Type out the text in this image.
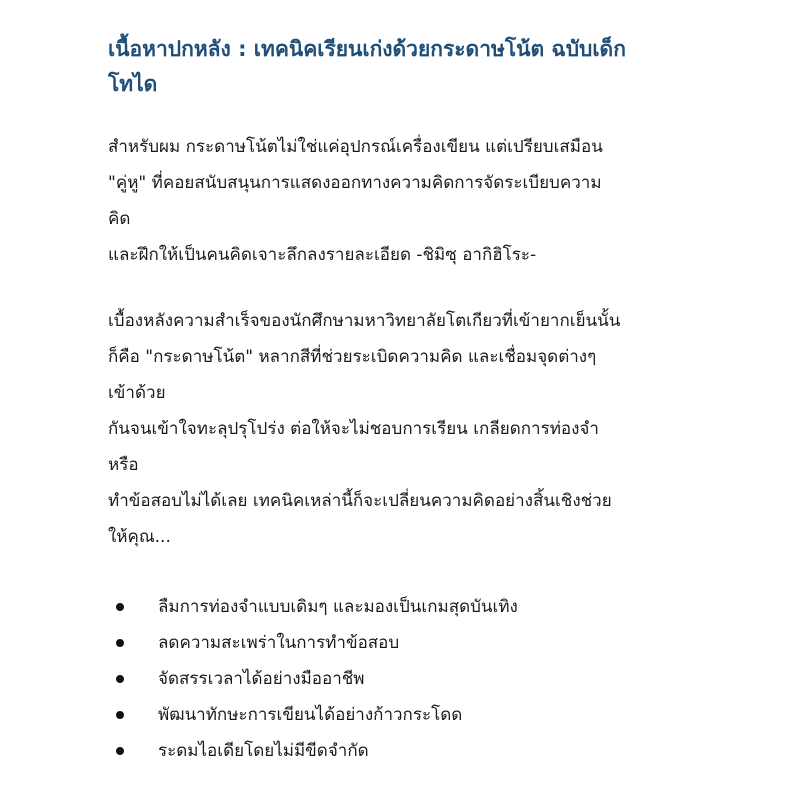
เนื้อหาปกหลัง : เทคนิคเรียนเก่งด้วยกระดาษโน้ต ฉบับเด็ก
โทได

สำหรับผม กระดาษโน้ตไม่ใช่แค่อุปกรณ์เครื่องเขียน แต่เปรียบเสมือน
"คู่หู" ที่คอยสนับสนุนการแสดงออกทางความคิดการจัดระเบียบความ
คิด
และฝึกให้เป็นคนคิดเจาะลึกลงรายละเอียด -ชิมิซุ อากิฮิโระ-

เบื้องหลังความสำเร็จของนักศึกษามหาวิทยาลัยโตเกียวที่เข้ายากเย็นนั้น
ก็คือ "กระดาษโน้ต" หลากสีที่ช่วยระเบิดความคิด และเชื่อมจุดต่างๆ
เข้าด้วย
กันจนเข้าใจทะลุปรุโปร่ง ต่อให้จะไม่ชอบการเรียน เกลียดการท่องจำ
หรือ
ทำข้อสอบไม่ได้เลย เทคนิคเหล่านี้ก็จะเปลี่ยนความคิดอย่างสิ้นเชิงช่วย
ให้คุณ...

ลืมการท่องจำแบบเดิมๆ และมองเป็นเกมสุดบันเทิง
ลดความสะเพร่าในการทำข้อสอบ
จัดสรรเวลาได้อย่างมืออาชีพ
พัฒนาทักษะการเขียนได้อย่างก้าวกระโดด
ระดมไอเดียโดยไม่มีขีดจำกัด
